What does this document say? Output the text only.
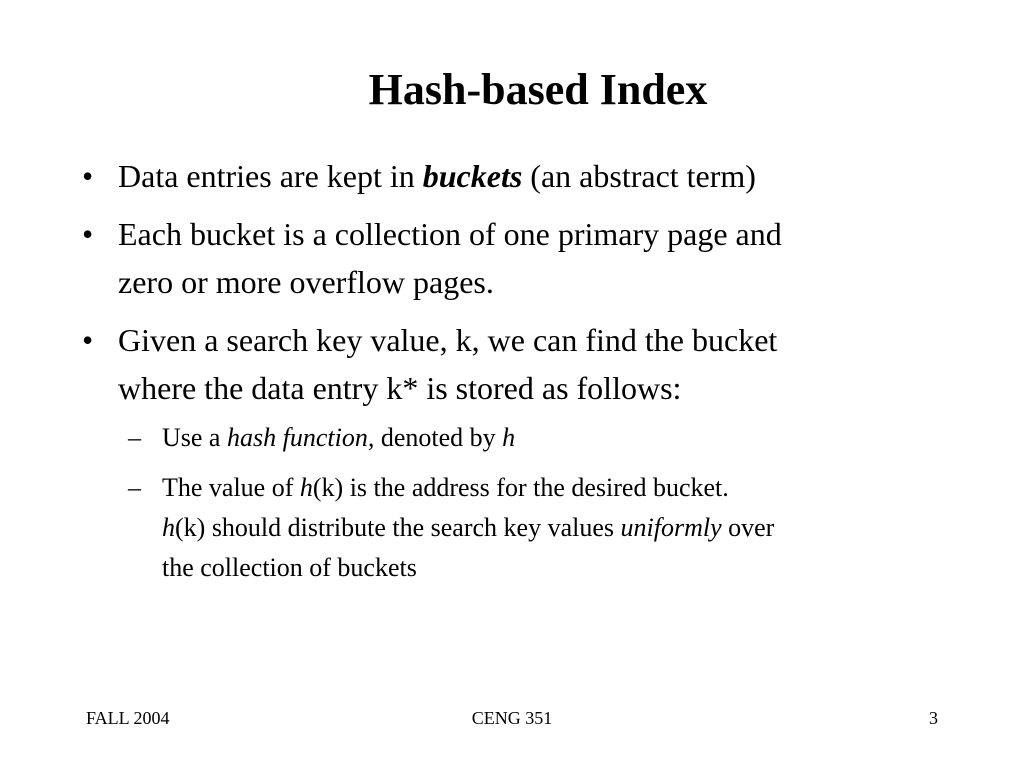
Hash-based Index
• Data entries are kept in buckets (an abstract term)
• Each bucket is a collection of one primary page and
zero or more overflow pages.
• Given a search key value, k, we can find the bucket
where the data entry k* is stored as follows:
– Use a hash function, denoted by h
– The value of h(k) is the address for the desired bucket.
h(k) should distribute the search key values uniformly over
the collection of buckets
FALL 2004	CENG 351	3
